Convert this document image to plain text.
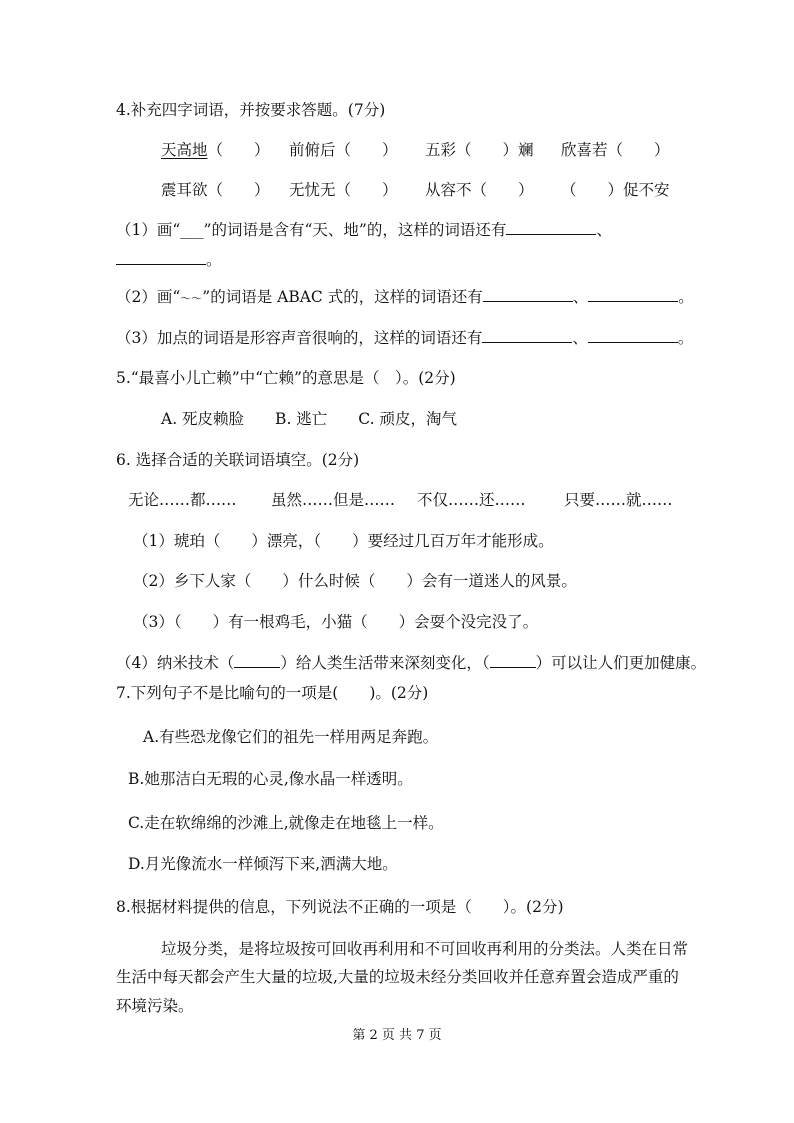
4.补充四字词语，并按要求答题。(7分)
天高地（　　） 前俯后（　　） 五彩（　　）斓 欣喜若（　　）
震耳欲（　　） 无忧无（　　） 从容不（　　） （　　）促不安
（1）画“___”的词语是含有“天、地”的，这样的词语还有	、
。
（2）画“～～”的词语是 ABAC 式的，这样的词语还有	、	。
（3）加点的词语是形容声音很响的，这样的词语还有	、	。
5.“最喜小儿亡赖”中“亡赖”的意思是（　）。(2分)
A. 死皮赖脸　　B. 逃亡　　C. 顽皮，淘气
6. 选择合适的关联词语填空。(2分)
无论……都…… 虽然……但是…… 不仅……还…… 只要……就……
（1）琥珀（　　）漂亮，（　　）要经过几百万年才能形成。
（2）乡下人家（　　）什么时候（　　）会有一道迷人的风景。
（3）（　　）有一根鸡毛，小猫（　　）会耍个没完没了。
（4）纳米技术（	）给人类生活带来深刻变化，（	）可以让人们更加健康。
7.下列句子不是比喻句的一项是(　　)。(2分)
A.有些恐龙像它们的祖先一样用两足奔跑。
B.她那洁白无瑕的心灵,像水晶一样透明。
C.走在软绵绵的沙滩上,就像走在地毯上一样。
D.月光像流水一样倾泻下来,洒满大地。
8.根据材料提供的信息，下列说法不正确的一项是（　　）。(2分)
垃圾分类，是将垃圾按可回收再利用和不可回收再利用的分类法。人类在日常
生活中每天都会产生大量的垃圾,大量的垃圾未经分类回收并任意弃置会造成严重的
环境污染。
第 2 页 共 7 页
